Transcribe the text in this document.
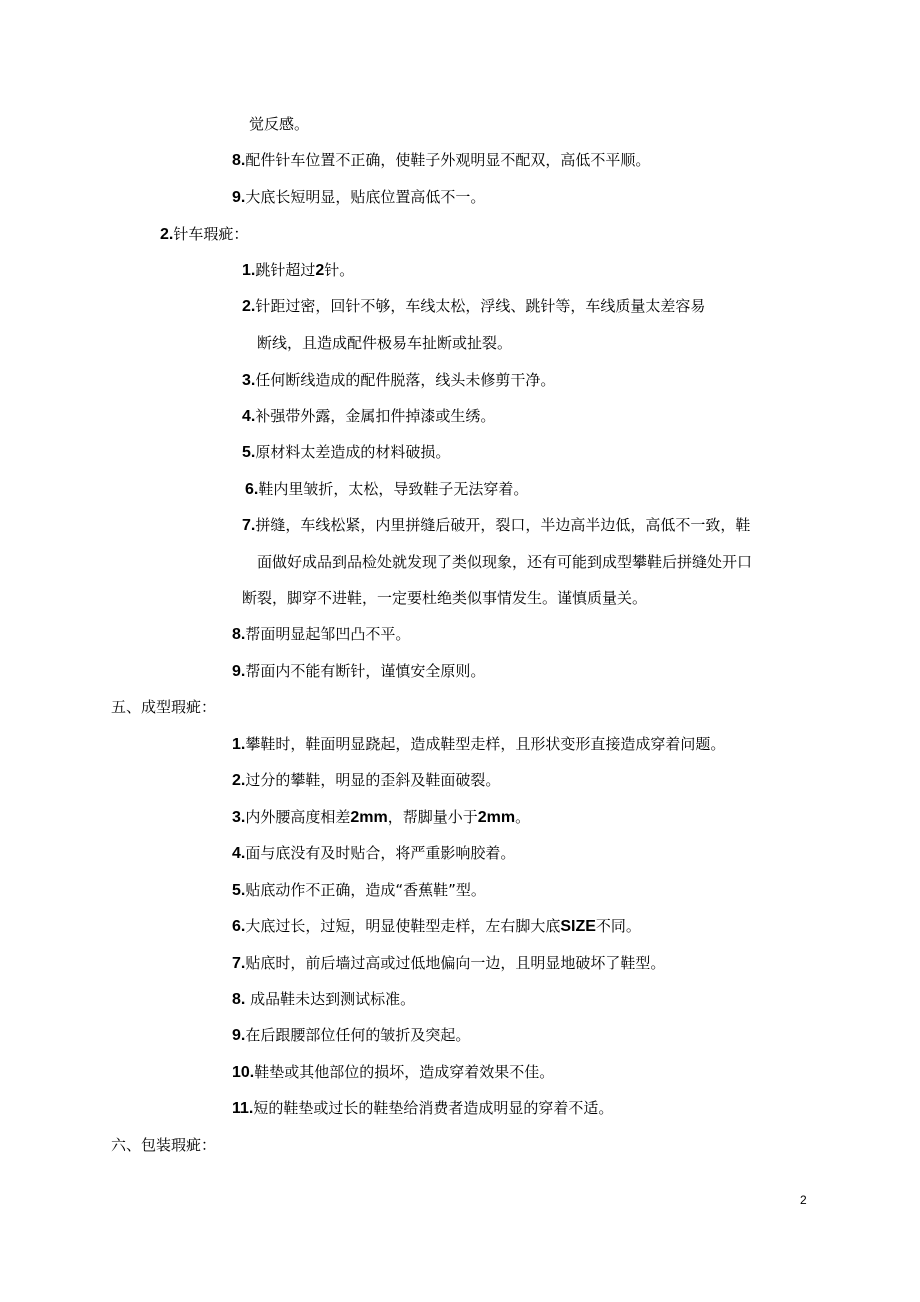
觉反感。
8.配件针车位置不正确，使鞋子外观明显不配双，高低不平顺。
9.大底长短明显，贴底位置高低不一。
2.针车瑕疵：
1.跳针超过2针。
2.针距过密，回针不够，车线太松，浮线、跳针等，车线质量太差容易
断线，且造成配件极易车扯断或扯裂。
3.任何断线造成的配件脱落，线头未修剪干净。
4.补强带外露，金属扣件掉漆或生绣。
5.原材料太差造成的材料破损。
6.鞋内里皱折，太松，导致鞋子无法穿着。
7.拼缝，车线松紧，内里拼缝后破开，裂口，半边高半边低，高低不一致，鞋
面做好成品到品检处就发现了类似现象，还有可能到成型攀鞋后拼缝处开口
断裂，脚穿不进鞋，一定要杜绝类似事情发生。谨慎质量关。
8.帮面明显起邹凹凸不平。
9.帮面内不能有断针，谨慎安全原则。
五、成型瑕疵：
1.攀鞋时，鞋面明显跷起，造成鞋型走样，且形状变形直接造成穿着问题。
2.过分的攀鞋，明显的歪斜及鞋面破裂。
3.内外腰高度相差2mm，帮脚量小于2mm。
4.面与底没有及时贴合，将严重影响胶着。
5.贴底动作不正确，造成“香蕉鞋”型。
6.大底过长，过短，明显使鞋型走样，左右脚大底SIZE不同。
7.贴底时，前后墙过高或过低地偏向一边，且明显地破坏了鞋型。
8. 成品鞋未达到测试标准。
9.在后跟腰部位任何的皱折及突起。
10.鞋垫或其他部位的损坏，造成穿着效果不佳。
11.短的鞋垫或过长的鞋垫给消费者造成明显的穿着不适。
六、包装瑕疵：
2
